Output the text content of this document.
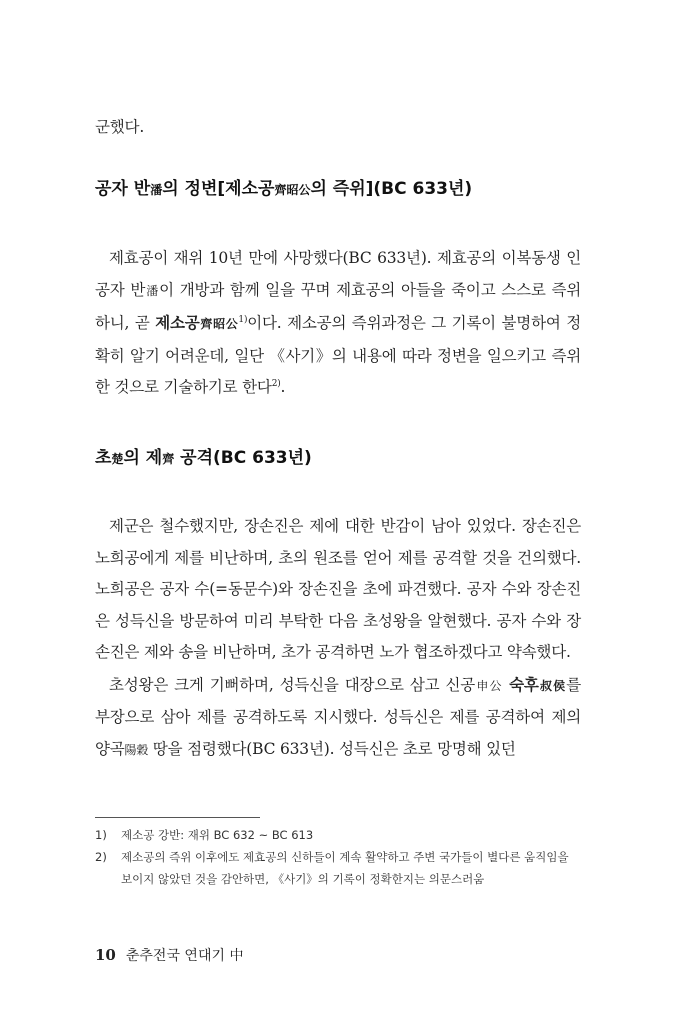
군했다.

공자 반潘의 정변[제소공齊昭公의 즉위](BC 633년)

제효공이 재위 10년 만에 사망했다(BC 633년). 제효공의 이복동생 인 공자 반潘이 개방과 함께 일을 꾸며 제효공의 아들을 죽이고 스스로 즉위하니, 곧 제소공齊昭公$^{1)}$이다. 제소공의 즉위과정은 그 기록이 불명하여 정확히 알기 어려운데, 일단 《사기》의 내용에 따라 정변을 일으키고 즉위한 것으로 기술하기로 한다$^{2)}$.

초楚의 제齊 공격(BC 633년)

제군은 철수했지만, 장손진은 제에 대한 반감이 남아 있었다. 장손진은 노희공에게 제를 비난하며, 초의 원조를 얻어 제를 공격할 것을 건의했다. 노희공은 공자 수(=동문수)와 장손진을 초에 파견했다. 공자 수와 장손진은 성득신을 방문하여 미리 부탁한 다음 초성왕을 알현했다. 공자 수와 장손진은 제와 송을 비난하며, 초가 공격하면 노가 협조하겠다고 약속했다.

초성왕은 크게 기뻐하며, 성득신을 대장으로 삼고 신공申公 숙후叔侯를 부장으로 삼아 제를 공격하도록 지시했다. 성득신은 제를 공격하여 제의 양곡陽穀 땅을 점령했다(BC 633년). 성득신은 초로 망명해 있던

1)	제소공 강반: 재위 BC 632 ~ BC 613
2)	제소공의 즉위 이후에도 제효공의 신하들이 계속 활약하고 주변 국가들이 별다른 움직임을 보이지 않았던 것을 감안하면, 《사기》의 기록이 정확한지는 의문스러움
10 춘추전국 연대기 中
